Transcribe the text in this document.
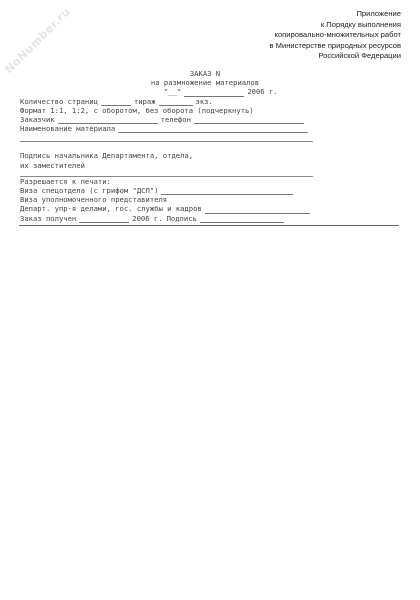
NoNumber.ru	Приложение
к Порядку выполнения
копировально-множительных работ
в Министерстве природных ресурсов
Российской Федерации
ЗАКАЗ N
на размножение материалов
"__"	2006 г.
Количество страниц	тираж	экз.
Формат 1:1, 1:2, с оборотом, без оборота (подчеркнуть)
Заказчик	телефон
Наименование материала
Подпись начальника Департамента, отдела,
их заместителей
Разрешается к печати:
Виза спецотдела (с грифом "ДСП")
Виза уполномоченного представителя
Департ. упр-я делами, гос. службы и кадров
Заказ получен	2006 г. Подпись
